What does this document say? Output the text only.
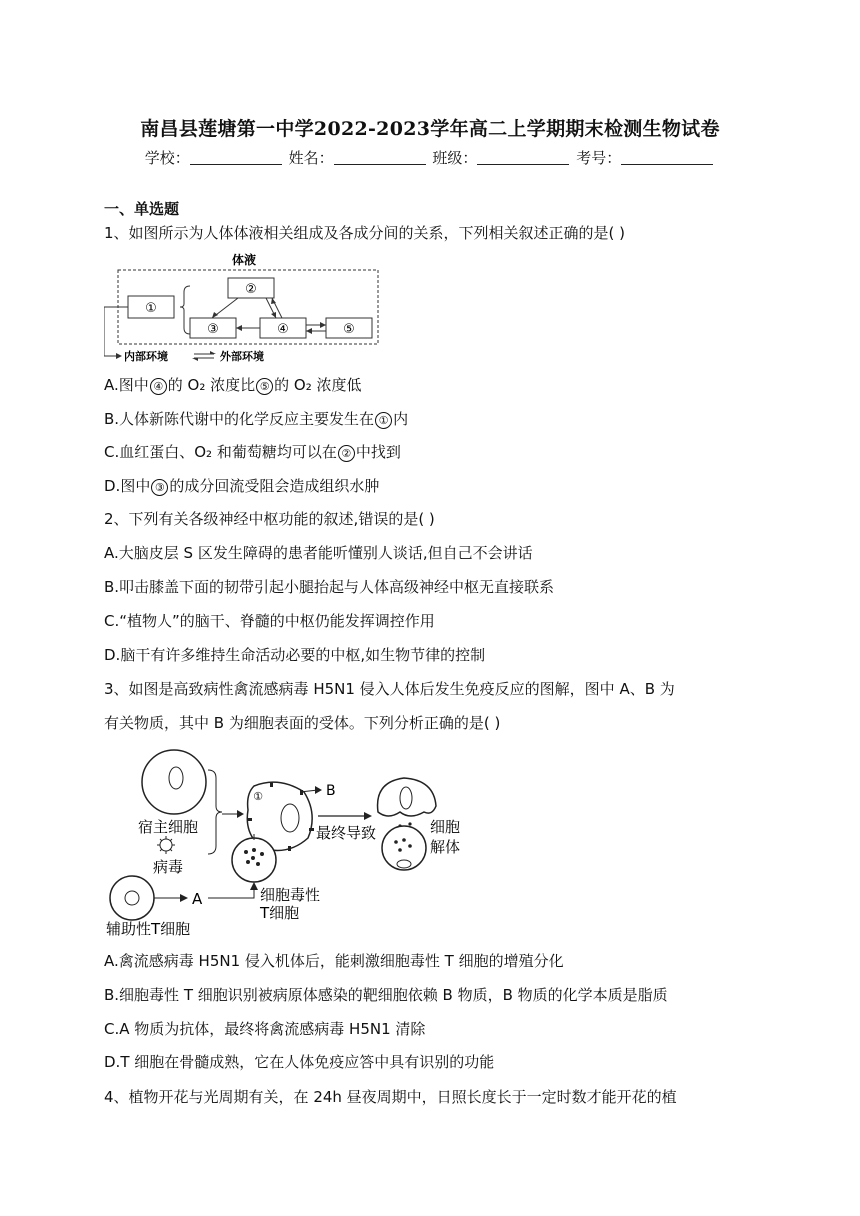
南昌县莲塘第一中学2022-2023学年高二上学期期末检测生物试卷
学校：	姓名：	班级：	考号：
一、单选题
1、如图所示为人体体液相关组成及各成分间的关系，下列相关叙述正确的是( )
体液
①
②
③	④	⑤
内部环境	外部环境
A.图中 ④ 的 O₂ 浓度比 ⑤ 的 O₂ 浓度低
B.人体新陈代谢中的化学反应主要发生在 ① 内
C.血红蛋白、O₂ 和葡萄糖均可以在 ② 中找到
D.图中 ③ 的成分回流受阻会造成组织水肿
2、下列有关各级神经中枢功能的叙述,错误的是( )
A.大脑皮层 S 区发生障碍的患者能听懂别人谈话,但自己不会讲话
B.叩击膝盖下面的韧带引起小腿抬起与人体高级神经中枢无直接联系
C.“植物人”的脑干、脊髓的中枢仍能发挥调控作用
D.脑干有许多维持生命活动必要的中枢,如生物节律的控制
3、如图是高致病性禽流感病毒 H5N1 侵入人体后发生免疫反应的图解，图中 A、B 为
有关物质，其中 B 为细胞表面的受体。下列分析正确的是( )
宿主细胞
病毒
①	B
最终导致	细胞
解体
细胞毒性
T细胞
A
辅助性T细胞
A.禽流感病毒 H5N1 侵入机体后，能刺激细胞毒性 T 细胞的增殖分化
B.细胞毒性 T 细胞识别被病原体感染的靶细胞依赖 B 物质，B 物质的化学本质是脂质
C.A 物质为抗体，最终将禽流感病毒 H5N1 清除
D.T 细胞在骨髓成熟，它在人体免疫应答中具有识别的功能
4、植物开花与光周期有关，在 24h 昼夜周期中，日照长度长于一定时数才能开花的植
